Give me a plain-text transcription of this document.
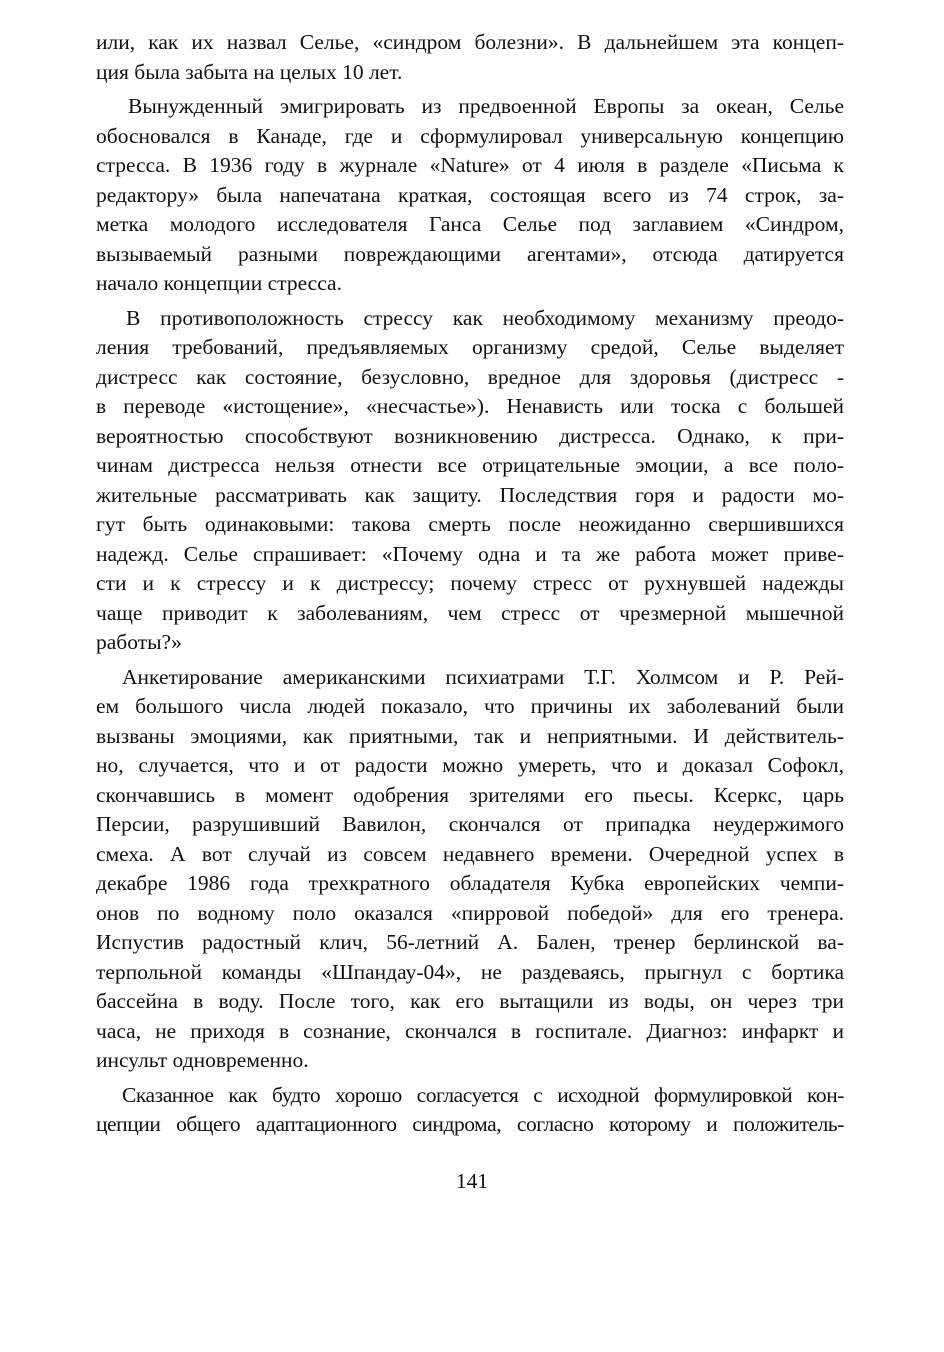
или, как их назвал Селье, «синдром болезни». В дальнейшем эта концеп-
ция была забыта на целых 10 лет.
Вынужденный эмигрировать из предвоенной Европы за океан, Селье
обосновался в Канаде, где и сформулировал универсальную концепцию
стресса. В 1936 году в журнале «Nature» от 4 июля в разделе «Письма к
редактору» была напечатана краткая, состоящая всего из 74 строк, за-
метка молодого исследователя Ганса Селье под заглавием «Синдром,
вызываемый разными повреждающими агентами», отсюда датируется
начало концепции стресса.
В противоположность стрессу как необходимому механизму преодо-
ления требований, предъявляемых организму средой, Селье выделяет
дистресс как состояние, безусловно, вредное для здоровья (дистресс -
в переводе «истощение», «несчастье»). Ненависть или тоска с большей
вероятностью способствуют возникновению дистресса. Однако, к при-
чинам дистресса нельзя отнести все отрицательные эмоции, а все поло-
жительные рассматривать как защиту. Последствия горя и радости мо-
гут быть одинаковыми: такова смерть после неожиданно свершившихся
надежд. Селье спрашивает: «Почему одна и та же работа может приве-
сти и к стрессу и к дистрессу; почему стресс от рухнувшей надежды
чаще приводит к заболеваниям, чем стресс от чрезмерной мышечной
работы?»
Анкетирование американскими психиатрами Т.Г. Холмсом и Р. Рей-
ем большого числа людей показало, что причины их заболеваний были
вызваны эмоциями, как приятными, так и неприятными. И действитель-
но, случается, что и от радости можно умереть, что и доказал Софокл,
скончавшись в момент одобрения зрителями его пьесы. Ксеркс, царь
Персии, разрушивший Вавилон, скончался от припадка неудержимого
смеха. А вот случай из совсем недавнего времени. Очередной успех в
декабре 1986 года трехкратного обладателя Кубка европейских чемпи-
онов по водному поло оказался «пирровой победой» для его тренера.
Испустив радостный клич, 56-летний А. Бален, тренер берлинской ва-
терпольной команды «Шпандау-04», не раздеваясь, прыгнул с бортика
бассейна в воду. После того, как его вытащили из воды, он через три
часа, не приходя в сознание, скончался в госпитале. Диагноз: инфаркт и
инсульт одновременно.
Сказанное как будто хорошо согласуется с исходной формулировкой кон-
цепции общего адаптационного синдрома, согласно которому и положитель-
141
